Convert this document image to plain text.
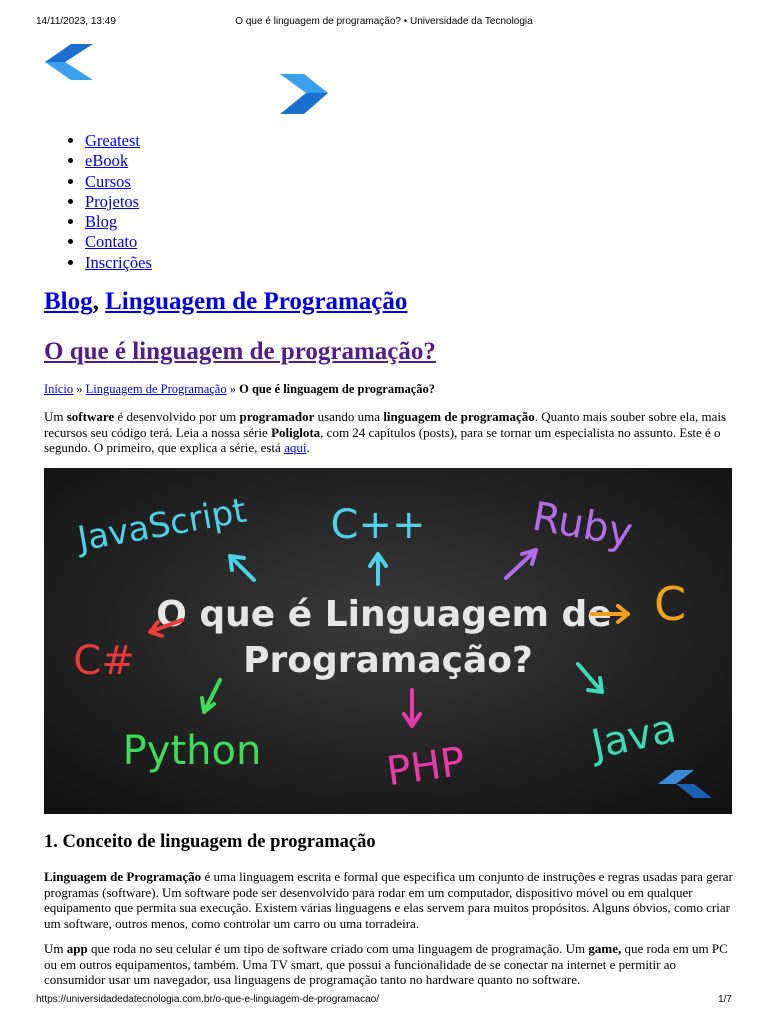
O que é linguagem de programação? • Universidade da Tecnologia
14/11/2023, 13:49
• Greatest
• eBook
• Cursos
• Projetos
• Blog
• Contato
• Inscrições
Blog, Linguagem de Programação
O que é linguagem de programação?
Início » Linguagem de Programação » O que é linguagem de programação?

Um software é desenvolvido por um programador usando uma linguagem de programação. Quanto mais souber sobre ela, mais recursos seu código terá. Leia a nossa série Poliglota, com 24 capítulos (posts), para se tornar um especialista no assunto. Este é o segundo. O primeiro, que explica a série, está aqui.

JavaScript C++	Ruby
C
C#
Python	PHP	Java
O que é Linguagem de
Programação?
1. Conceito de linguagem de programação

Linguagem de Programação é uma linguagem escrita e formal que especifica um conjunto de instruções e regras usadas para gerar programas (software). Um software pode ser desenvolvido para rodar em um computador, dispositivo móvel ou em qualquer equipamento que permita sua execução. Existem várias linguagens e elas servem para muitos propósitos. Alguns óbvios, como criar um software, outros menos, como controlar um carro ou uma torradeira.

Um app que roda no seu celular é um tipo de software criado com uma linguagem de programação. Um game, que roda em um PC ou em outros equipamentos, também. Uma TV smart, que possui a funcionalidade de se conectar na internet e permitir ao consumidor usar um navegador, usa linguagens de programação tanto no hardware quanto no software.

https://universidadedatecnologia.com.br/o-que-e-linguagem-de-programacao/	1/7
